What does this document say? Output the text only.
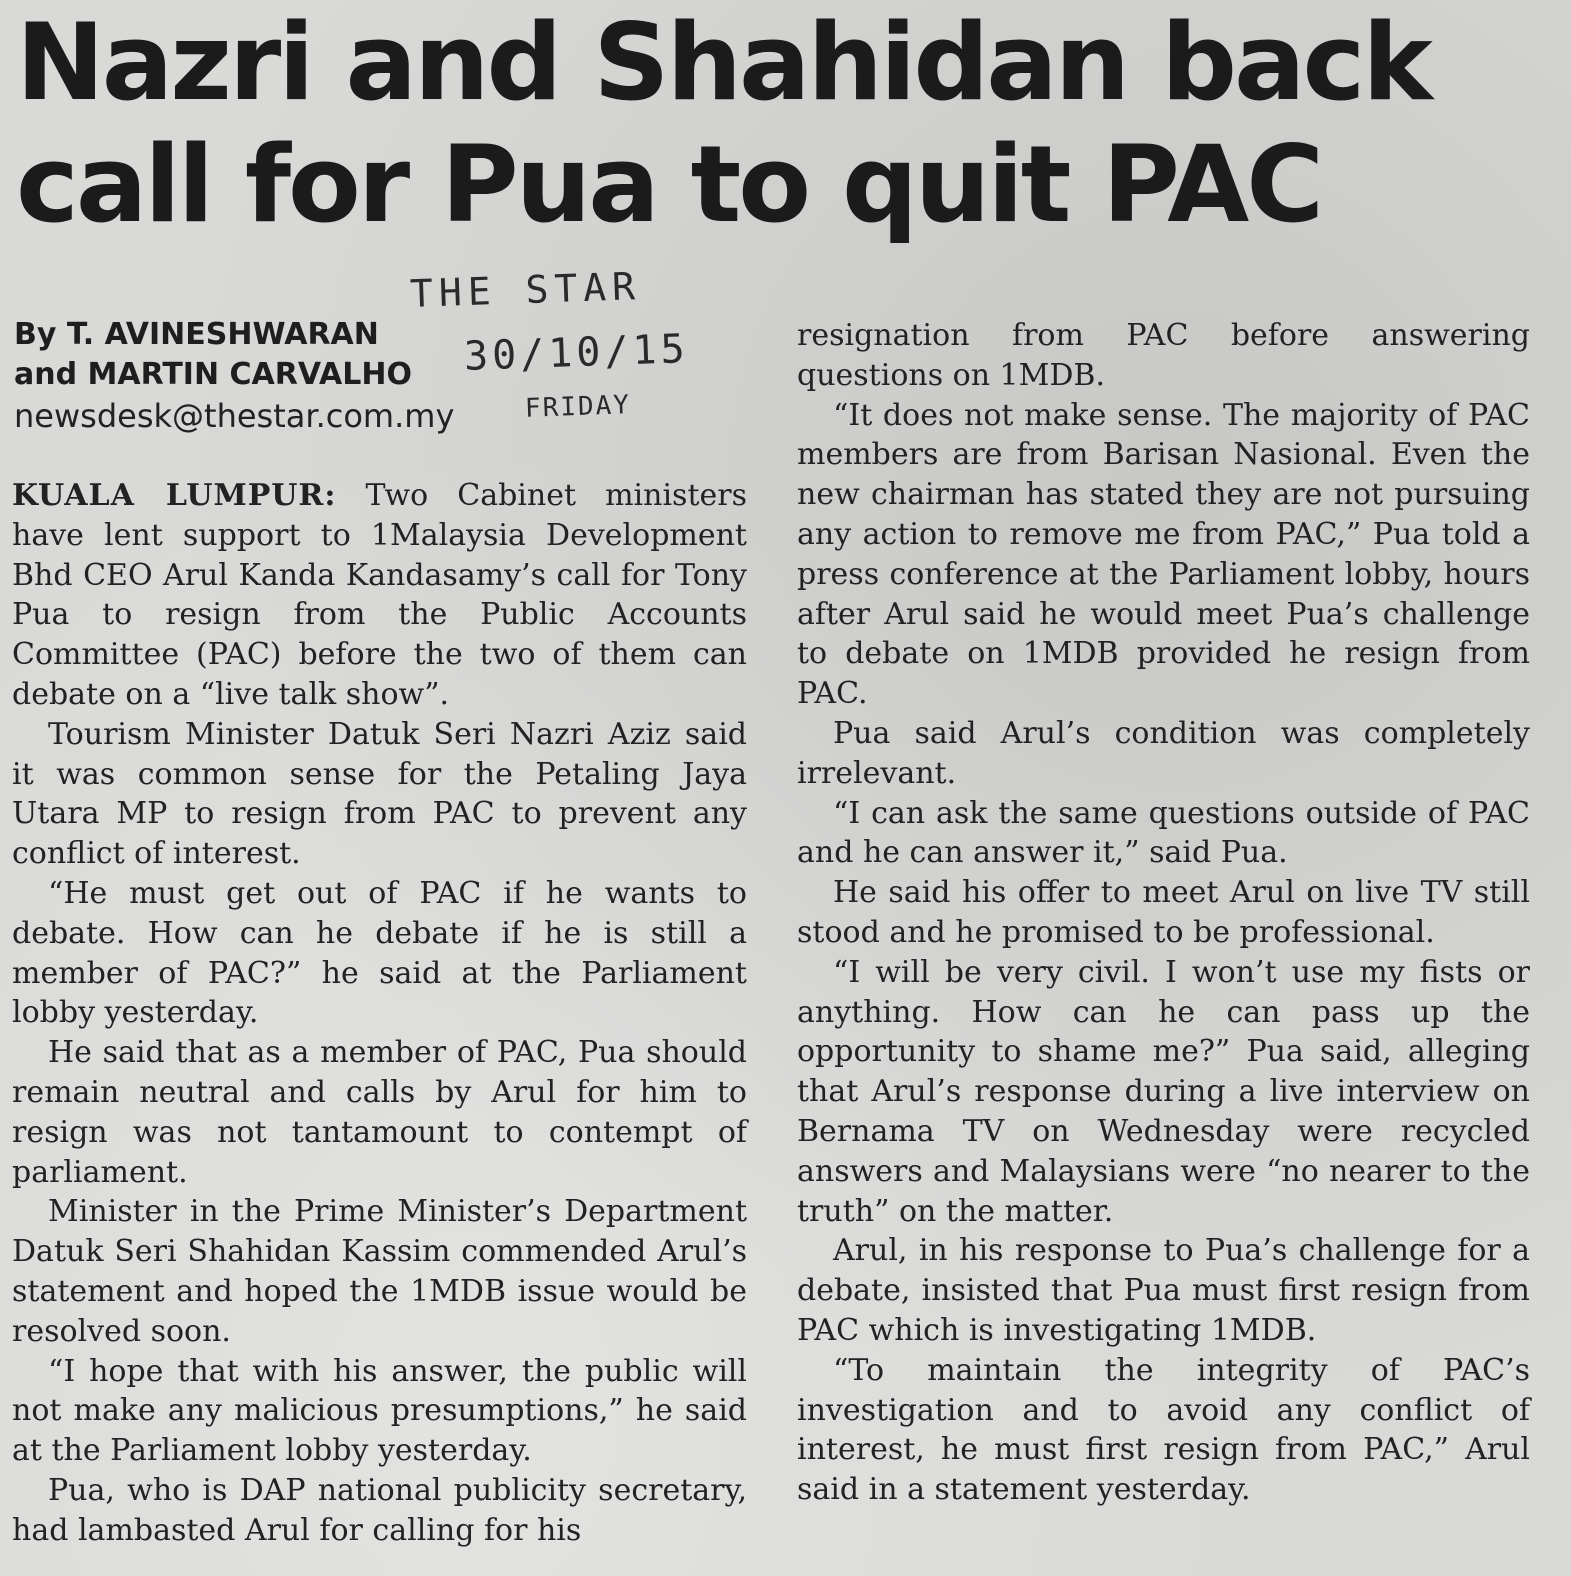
Nazri and Shahidan back
call for Pua to quit PAC
THE STAR
30/10/15
FRIDAY
By T. AVINESHWARAN
and MARTIN CARVALHO
newsdesk@thestar.com.my

KUALA LUMPUR: Two Cabinet ministers have lent support to 1Malaysia Development Bhd CEO Arul Kanda Kandasamy’s call for Tony Pua to resign from the Public Accounts Committee (PAC) before the two of them can debate on a “live talk show”.

Tourism Minister Datuk Seri Nazri Aziz said it was common sense for the Petaling Jaya Utara MP to resign from PAC to prevent any conflict of interest.

“He must get out of PAC if he wants to debate. How can he debate if he is still a member of PAC?” he said at the Parliament lobby yesterday.

He said that as a member of PAC, Pua should remain neutral and calls by Arul for him to resign was not tantamount to contempt of parliament.

Minister in the Prime Minister’s Department Datuk Seri Shahidan Kassim commended Arul’s statement and hoped the 1MDB issue would be resolved soon.

“I hope that with his answer, the public will not make any malicious presumptions,” he said at the Parliament lobby yesterday.

Pua, who is DAP national publicity secretary, had lambasted Arul for calling for his

resignation from PAC before answering questions on 1MDB.

“It does not make sense. The majority of PAC members are from Barisan Nasional. Even the new chairman has stated they are not pursuing any action to remove me from PAC,” Pua told a press conference at the Parliament lobby, hours after Arul said he would meet Pua’s challenge to debate on 1MDB provided he resign from PAC.

Pua said Arul’s condition was completely irrelevant.

“I can ask the same questions outside of PAC and he can answer it,” said Pua.

He said his offer to meet Arul on live TV still stood and he promised to be professional.

“I will be very civil. I won’t use my fists or anything. How can he can pass up the opportunity to shame me?” Pua said, alleging that Arul’s response during a live interview on Bernama TV on Wednesday were recycled answers and Malaysians were “no nearer to the truth” on the matter.

Arul, in his response to Pua’s challenge for a debate, insisted that Pua must first resign from PAC which is investigating 1MDB.

“To maintain the integrity of PAC’s investigation and to avoid any conflict of interest, he must first resign from PAC,” Arul said in a statement yesterday.
